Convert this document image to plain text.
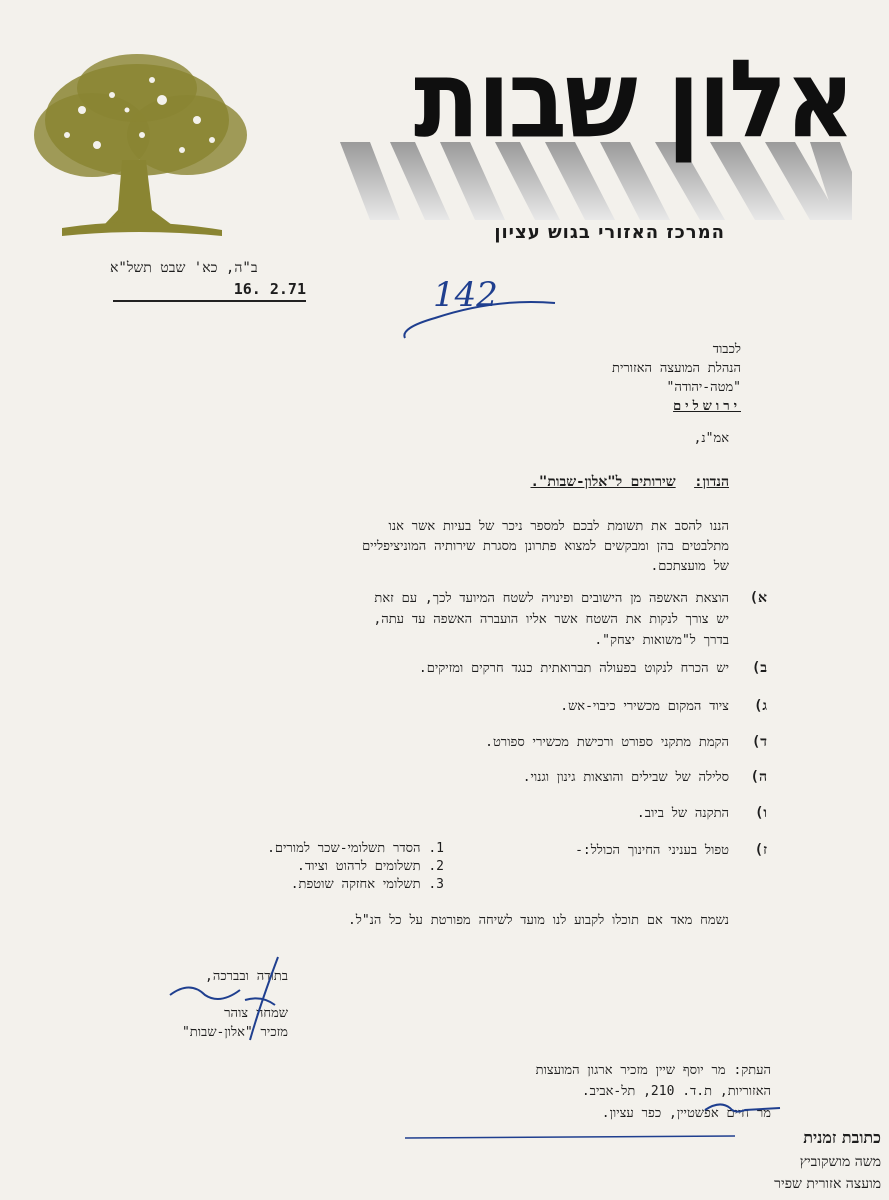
אלון שבות
המרכז האזורי בגוש עציון
ב"ה, כא' שבט תשל"א
16. 2.71	142
לכבוד
הנהלת המועצה האזורית
"מטה-יהודה"
ירושלים
אמ"נ,
הנדון: שירותים ל"אלון-שבות".
הננו להסב את תשומת לבכם למספר ניכר של בעיות אשר אנו
מתלבטים בהן ומבקשים למצוא פתרונן מסגרת שירותיה המוניציפליים
של מועצתכם.
א)
הוצאת האשפה מן הישובים ופינויה לשטח המיועד לכך, עם זאת
יש צורך לנקות את השטח אשר אליו הועברה האשפה עד עתה,
בדרך ל"משואות יצחק".
ב)
יש הכרח לנקוט בפעולה תברואתית כנגד חרקים ומזיקים.
ג)
ציוד המקום מכשירי כיבוי-אש.
ד)
הקמת מתקני ספורט ורכישת מכשירי ספורט.
ה)
סלילה של שבילים והוצאות גינון וגנוי.
ו)
התקנה של ביוב.
ז)
טפול בעניני החינוך הכולל:-
1. הסדר תשלומי-שכר למורים.
2. תשלומים לרהוט וציוד.
3. תשלומי אחזקה שוטפת.
נשמח מאד אם תוכלו לקבוע לנו מועד לשיחה מפורטת על כל הנ"ל.
בתודה ובברכה,
שמחה צוהר
מזכיר "אלון-שבות"
העתק: מר יוסף שיין מזכיר ארגון המועצות
האזוריות, ת.ד. 210, תל-אביב.
מר חיים אפשטיין, כפר עציון.
כתובת זמנית
משה מושקוביץ
מועצה אזורית שפיר
